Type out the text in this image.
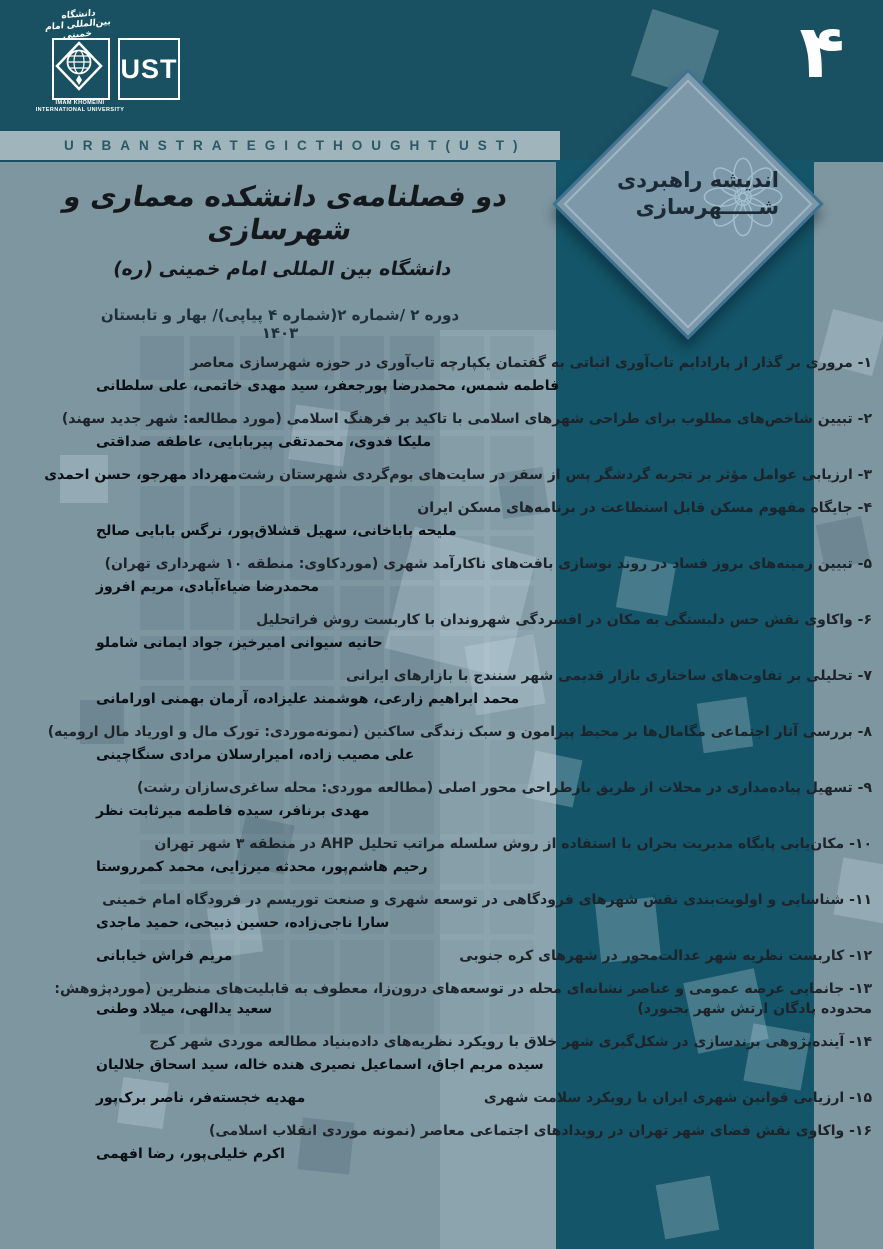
URBANSTRATEGICTHOUGHT(UST)
دانشگاه بین‌المللی امام خمینی
IMAM KHOMEINI
INTERNATIONAL UNIVERSITY
UST	۴
اندیشه راهبردی
شـــــهرسازی
دو فصلنامه‌ی دانشکده معماری و شهرسازی
دانشگاه بین المللی امام خمینی (ره)
دوره ۲ /شماره ۲(شماره ۴ پیاپی)/ بهار و تابستان ۱۴۰۳
۱- مروری بر گذار از پارادایم تاب‌آوری اثباتی به گفتمان یکپارچه تاب‌آوری در حوزه شهرسازی معاصر
فاطمه شمس، محمدرضا پورجعفر، سید مهدی خاتمی، علی سلطانی
۲- تبیین شاخص‌های مطلوب برای طراحی شهرهای اسلامی با تاکید بر فرهنگ اسلامی (مورد مطالعه: شهر جدید سهند)
ملیکا فدوی، محمدتقی پیربابایی، عاطفه صداقتی
۳- ارزیابی عوامل مؤثر بر تجربه گردشگر پس از سفر در سایت‌های بوم‌گردی شهرستان رشت
مهرداد مهرجو، حسن احمدی
۴- جایگاه مفهوم مسکن قابل استطاعت در برنامه‌های مسکن ایران
ملیحه باباخانی، سهیل قشلاق‌پور، نرگس بابایی صالح
۵- تبیین زمینه‌های بروز فساد در روند نوسازی بافت‌های ناکارآمد شهری (موردکاوی: منطقه ۱۰ شهرداری تهران)
محمدرضا ضیاءآبادی، مریم افروز
۶- واکاوی نقش حس دلبستگی به مکان در افسردگی شهروندان با کاربست روش فراتحلیل
حانیه سیوانی امیرخیز، جواد ایمانی شاملو
۷- تحلیلی بر تفاوت‌های ساختاری بازار قدیمی شهر سنندج با بازارهای ایرانی
محمد ابراهیم زارعی، هوشمند علیزاده، آرمان بهمنی اورامانی
۸- بررسی آثار اجتماعی مگامال‌ها بر محیط پیرامون و سبک زندگی ساکنین (نمونه‌موردی: تورک مال و اوریاد مال ارومیه)
علی مصیب زاده، امیرارسلان مرادی سنگاچینی
۹- تسهیل پیاده‌مداری در محلات از طریق بازطراحی محور اصلی (مطالعه موردی: محله ساغری‌سازان رشت)
مهدی برنافر، سیده فاطمه میرثابت نظر
۱۰- مکان‌یابی پایگاه مدیریت بحران با استفاده از روش سلسله مراتب تحلیل AHP در منطقه ۳ شهر تهران
رحیم هاشم‌پور، محدثه میرزایی، محمد کمرروستا
۱۱- شناسایی و اولویت‌بندی نقش شهرهای فرودگاهی در توسعه شهری و صنعت توریسم در فرودگاه امام خمینی
سارا ناجی‌زاده، حسین ذبیحی، حمید ماجدی
۱۲- کاربست نظریه شهر عدالت‌محور در شهرهای کره جنوبی
مریم فراش خیابانی
۱۳- جانمایی عرصه عمومی و عناصر نشانه‌ای محله در توسعه‌های درون‌زا، معطوف به قابلیت‌های منظرین (موردپژوهش:
محدوده پادگان ارتش شهر بجنورد)
سعید یدالهی، میلاد وطنی
۱۴- آینده‌پژوهی برندسازی در شکل‌گیری شهر خلاق با رویکرد نظریه‌های داده‌بنیاد مطالعه موردی شهر کرج
سیده مریم اجاق، اسماعیل نصیری هنده خاله، سید اسحاق جلالیان
۱۵- ارزیابی قوانین شهری ایران با رویکرد سلامت شهری
مهدیه خجسته‌فر، ناصر برک‌پور
۱۶- واکاوی نقش فضای شهر تهران در رویدادهای اجتماعی معاصر (نمونه موردی انقلاب اسلامی)
اکرم خلیلی‌پور، رضا افهمی
